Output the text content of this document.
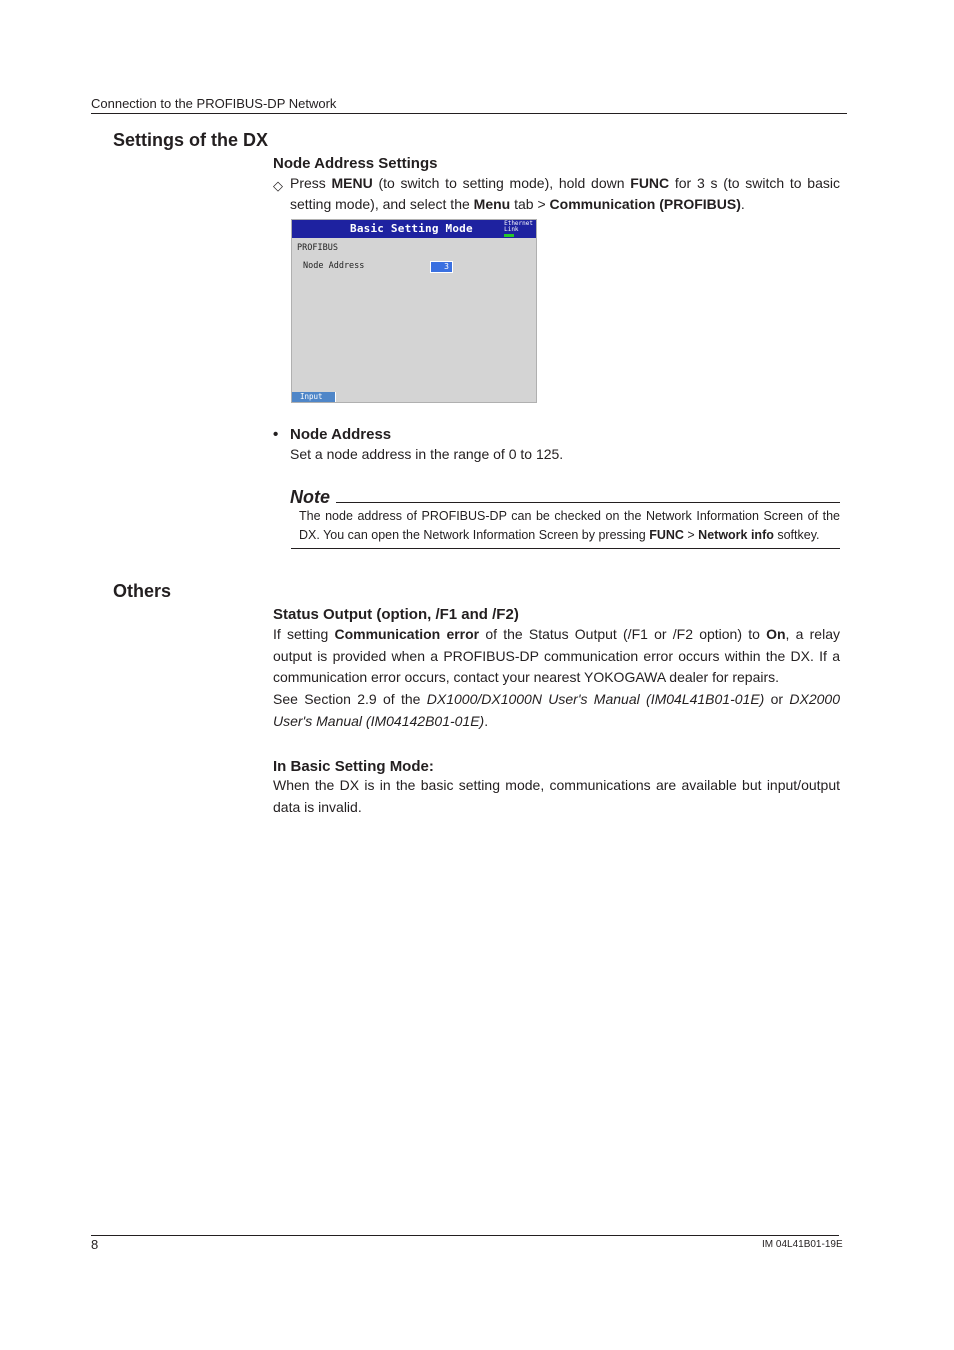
Connection to the PROFIBUS-DP Network
Settings of the DX
Node Address Settings
◇ Press MENU (to switch to setting mode), hold down FUNC for 3 s (to switch to basic setting mode), and select the Menu tab > Communication (PROFIBUS).
Basic Setting Mode	Ethernet
Link
PROFIBUS
Node Address	3
Input
• Node Address
Set a node address in the range of 0 to 125.
Note
The node address of PROFIBUS-DP can be checked on the Network Information Screen of the DX. You can open the Network Information Screen by pressing FUNC > Network info softkey.
Others
Status Output (option, /F1 and /F2)
If setting Communication error of the Status Output (/F1 or /F2 option) to On, a relay output is provided when a PROFIBUS-DP communication error occurs within the DX. If a communication error occurs, contact your nearest YOKOGAWA dealer for repairs.
See Section 2.9 of the DX1000/DX1000N User's Manual (IM04L41B01-01E) or DX2000 User's Manual (IM04142B01-01E).
In Basic Setting Mode:
When the DX is in the basic setting mode, communications are available but input/output data is invalid.
8	IM 04L41B01-19E
